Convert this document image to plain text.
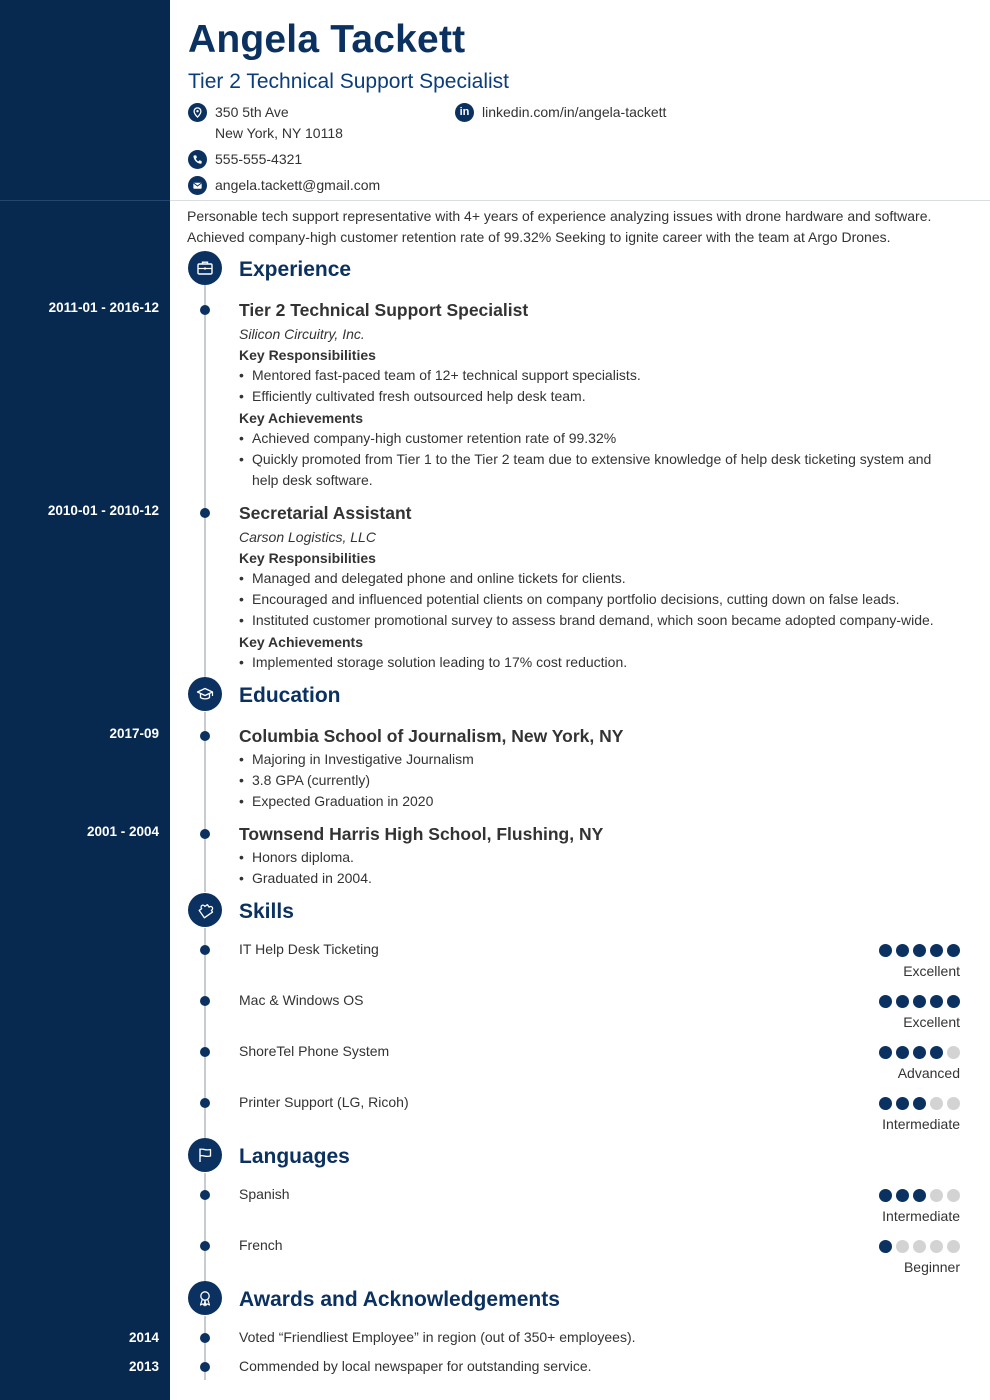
Angela Tackett
Tier 2 Technical Support Specialist
350 5th Ave
New York, NY 10118
in linkedin.com/in/angela-tackett
555-555-4321
angela.tackett@gmail.com

Personable tech support representative with 4+ years of experience analyzing issues with drone hardware and software. Achieved company-high customer retention rate of 99.32% Seeking to ignite career with the team at Argo Drones.

Experience
2011-01 - 2016-12	Tier 2 Technical Support Specialist
Silicon Circuitry, Inc.
Key Responsibilities
• Mentored fast-paced team of 12+ technical support specialists.
• Efficiently cultivated fresh outsourced help desk team.
Key Achievements
• Achieved company-high customer retention rate of 99.32%
• Quickly promoted from Tier 1 to the Tier 2 team due to extensive knowledge of help desk ticketing system and help desk software.
2010-01 - 2010-12	Secretarial Assistant
Carson Logistics, LLC
Key Responsibilities
• Managed and delegated phone and online tickets for clients.
• Encouraged and influenced potential clients on company portfolio decisions, cutting down on false leads.
• Instituted customer promotional survey to assess brand demand, which soon became adopted company-wide.
Key Achievements
• Implemented storage solution leading to 17% cost reduction.
Education
2017-09	Columbia School of Journalism, New York, NY
• Majoring in Investigative Journalism
• 3.8 GPA (currently)
• Expected Graduation in 2020
2001 - 2004	Townsend Harris High School, Flushing, NY
• Honors diploma.
• Graduated in 2004.
Skills
IT Help Desk Ticketing
Excellent
Mac & Windows OS
Excellent
ShoreTel Phone System
Advanced
Printer Support (LG, Ricoh)
Intermediate
Languages
Spanish
Intermediate
French
Beginner
Awards and Acknowledgements
2014	Voted “Friendliest Employee” in region (out of 350+ employees).
2013	Commended by local newspaper for outstanding service.
